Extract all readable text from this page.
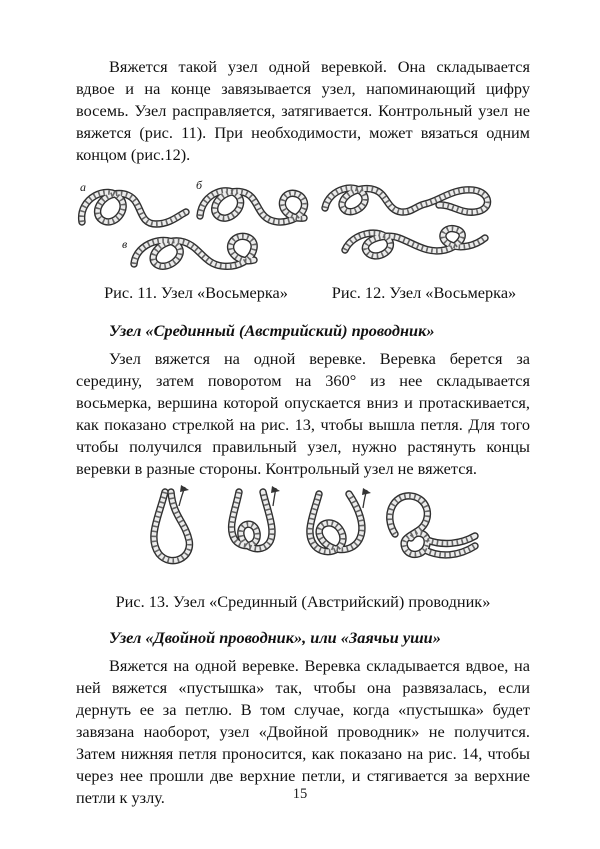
Вяжется такой узел одной веревкой. Она складывается вдвое и на конце завязывается узел, напоминающий цифру восемь. Узел расправляется, затягивается. Контрольный узел не вяжется (рис. 11). При необходимости, может вязаться одним концом (рис.12).

а	б
в
Рис. 11. Узел «Восьмерка»	Рис. 12. Узел «Восьмерка»
Узел «Срединный (Австрийский) проводник»

Узел вяжется на одной веревке. Веревка берется за середину, затем поворотом на 360° из нее складывается восьмерка, вершина которой опускается вниз и протаскивается, как показано стрелкой на рис. 13, чтобы вышла петля. Для того чтобы получился правильный узел, нужно растянуть концы веревки в разные стороны. Контрольный узел не вяжется.

Рис. 13. Узел «Срединный (Австрийский) проводник»
Узел «Двойной проводник», или «Заячьи уши»

Вяжется на одной веревке. Веревка складывается вдвое, на ней вяжется «пустышка» так, чтобы она развязалась, если дернуть ее за петлю. В том случае, когда «пустышка» будет завязана наоборот, узел «Двойной проводник» не получится. Затем нижняя петля проносится, как показано на рис. 14, чтобы через нее прошли две верхние петли, и стягивается за верхние петли к узлу.	15
